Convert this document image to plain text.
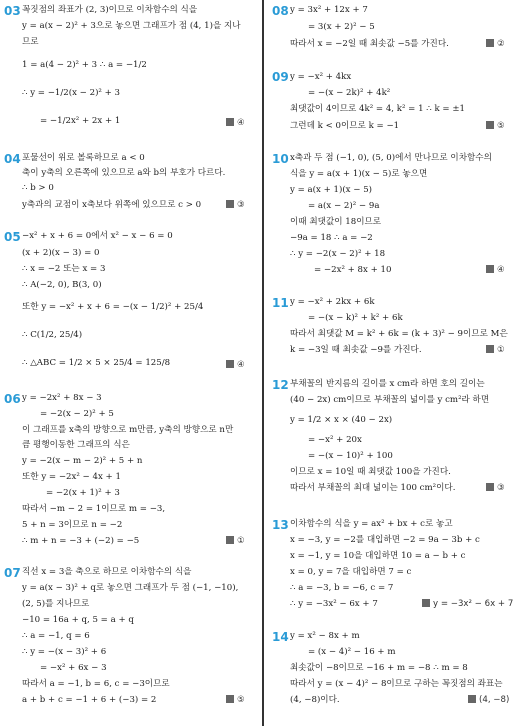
03 꼭짓점의 좌표가 (2, 3)이므로 이차함수의 식을
y = a(x − 2)² + 3으로 놓으면 그래프가 점 (4, 1)을 지나
므로
1 = a(4 − 2)² + 3 ∴ a = −1/2
∴ y = −1/2(x − 2)² + 3
= −1/2x² + 2x + 1	④
04 포물선이 위로 볼록하므로 a < 0
축이 y축의 오른쪽에 있으므로 a와 b의 부호가 다르다.
∴ b > 0
y축과의 교점이 x축보다 위쪽에 있으므로 c > 0	③
05 −x² + x + 6 = 0에서 x² − x − 6 = 0
(x + 2)(x − 3) = 0
∴ x = −2 또는 x = 3
∴ A(−2, 0), B(3, 0)
또한 y = −x² + x + 6 = −(x − 1/2)² + 25/4
∴ C(1/2, 25/4)
∴ △ABC = 1/2 × 5 × 25/4 = 125/8	④
06 y = −2x² + 8x − 3
= −2(x − 2)² + 5
이 그래프를 x축의 방향으로 m만큼, y축의 방향으로 n만
큼 평행이동한 그래프의 식은
y = −2(x − m − 2)² + 5 + n
또한 y = −2x² − 4x + 1
= −2(x + 1)² + 3
따라서 −m − 2 = 1이므로 m = −3,
5 + n = 3이므로 n = −2
∴ m + n = −3 + (−2) = −5	①
07 직선 x = 3을 축으로 하므로 이차함수의 식을
y = a(x − 3)² + q로 놓으면 그래프가 두 점 (−1, −10),
(2, 5)를 지나므로
−10 = 16a + q, 5 = a + q
∴ a = −1, q = 6
∴ y = −(x − 3)² + 6
= −x² + 6x − 3
따라서 a = −1, b = 6, c = −3이므로
a + b + c = −1 + 6 + (−3) = 2	⑤
08 y = 3x² + 12x + 7
= 3(x + 2)² − 5
따라서 x = −2일 때 최솟값 −5를 가진다.	②
09 y = −x² + 4kx
= −(x − 2k)² + 4k²
최댓값이 4이므로 4k² = 4, k² = 1 ∴ k = ±1
그런데 k < 0이므로 k = −1	⑤
10 x축과 두 점 (−1, 0), (5, 0)에서 만나므로 이차함수의
식을 y = a(x + 1)(x − 5)로 놓으면
y = a(x + 1)(x − 5)
= a(x − 2)² − 9a
이때 최댓값이 18이므로
−9a = 18 ∴ a = −2
∴ y = −2(x − 2)² + 18
= −2x² + 8x + 10	④
11 y = −x² + 2kx + 6k
= −(x − k)² + k² + 6k
따라서 최댓값 M = k² + 6k = (k + 3)² − 9이므로 M은
k = −3일 때 최솟값 −9를 가진다.	①
12 부채꼴의 반지름의 길이를 x cm라 하면 호의 길이는
(40 − 2x) cm이므로 부채꼴의 넓이를 y cm²라 하면
y = 1/2 × x × (40 − 2x)
= −x² + 20x
= −(x − 10)² + 100
이므로 x = 10일 때 최댓값 100을 가진다.
따라서 부채꼴의 최대 넓이는 100 cm²이다.	③
13 이차함수의 식을 y = ax² + bx + c로 놓고
x = −3, y = −2를 대입하면 −2 = 9a − 3b + c
x = −1, y = 10을 대입하면 10 = a − b + c
x = 0, y = 7을 대입하면 7 = c
∴ a = −3, b = −6, c = 7
∴ y = −3x² − 6x + 7	y = −3x² − 6x + 7
14 y = x² − 8x + m
= (x − 4)² − 16 + m
최솟값이 −8이므로 −16 + m = −8 ∴ m = 8
따라서 y = (x − 4)² − 8이므로 구하는 꼭짓점의 좌표는
(4, −8)이다.	(4, −8)
